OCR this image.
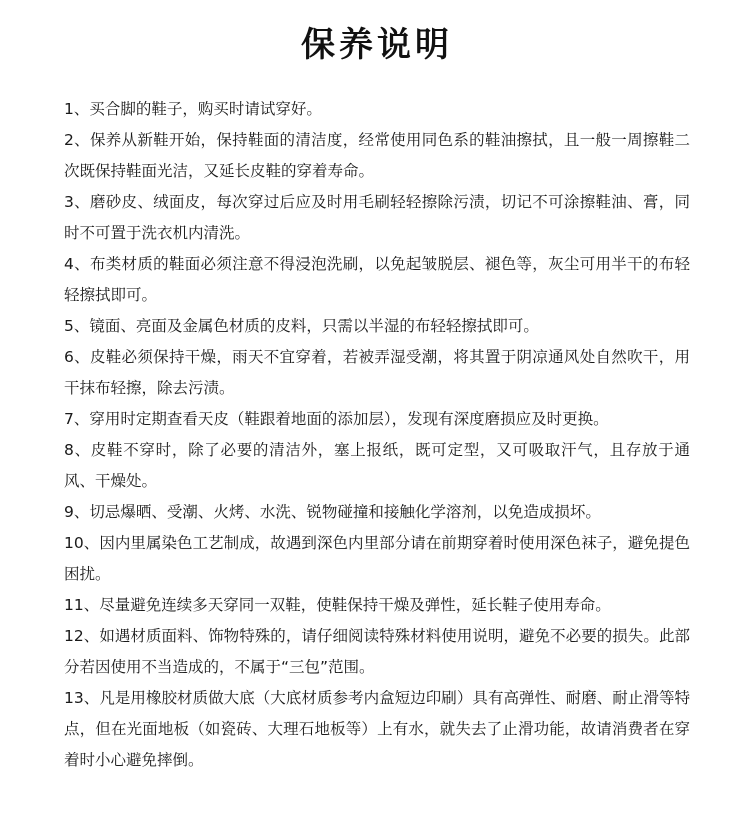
保养说明
1、买合脚的鞋子，购买时请试穿好。
2、保养从新鞋开始，保持鞋面的清洁度，经常使用同色系的鞋油擦拭，且一般一周擦鞋二次既保持鞋面光洁，又延长皮鞋的穿着寿命。
3、磨砂皮、绒面皮，每次穿过后应及时用毛刷轻轻擦除污渍，切记不可涂擦鞋油、膏，同时不可置于洗衣机内清洗。
4、布类材质的鞋面必须注意不得浸泡洗刷，以免起皱脱层、褪色等，灰尘可用半干的布轻轻擦拭即可。
5、镜面、亮面及金属色材质的皮料，只需以半湿的布轻轻擦拭即可。
6、皮鞋必须保持干燥，雨天不宜穿着，若被弄湿受潮，将其置于阴凉通风处自然吹干，用干抹布轻擦，除去污渍。
7、穿用时定期查看天皮（鞋跟着地面的添加层），发现有深度磨损应及时更换。
8、皮鞋不穿时，除了必要的清洁外，塞上报纸，既可定型，又可吸取汗气，且存放于通风、干燥处。
9、切忌爆晒、受潮、火烤、水洗、锐物碰撞和接触化学溶剂，以免造成损坏。
10、因内里属染色工艺制成，故遇到深色内里部分请在前期穿着时使用深色袜子，避免提色困扰。
11、尽量避免连续多天穿同一双鞋，使鞋保持干燥及弹性，延长鞋子使用寿命。
12、如遇材质面料、饰物特殊的，请仔细阅读特殊材料使用说明，避免不必要的损失。此部分若因使用不当造成的，不属于“三包”范围。
13、凡是用橡胶材质做大底（大底材质参考内盒短边印刷）具有高弹性、耐磨、耐止滑等特点，但在光面地板（如瓷砖、大理石地板等）上有水，就失去了止滑功能，故请消费者在穿着时小心避免摔倒。
